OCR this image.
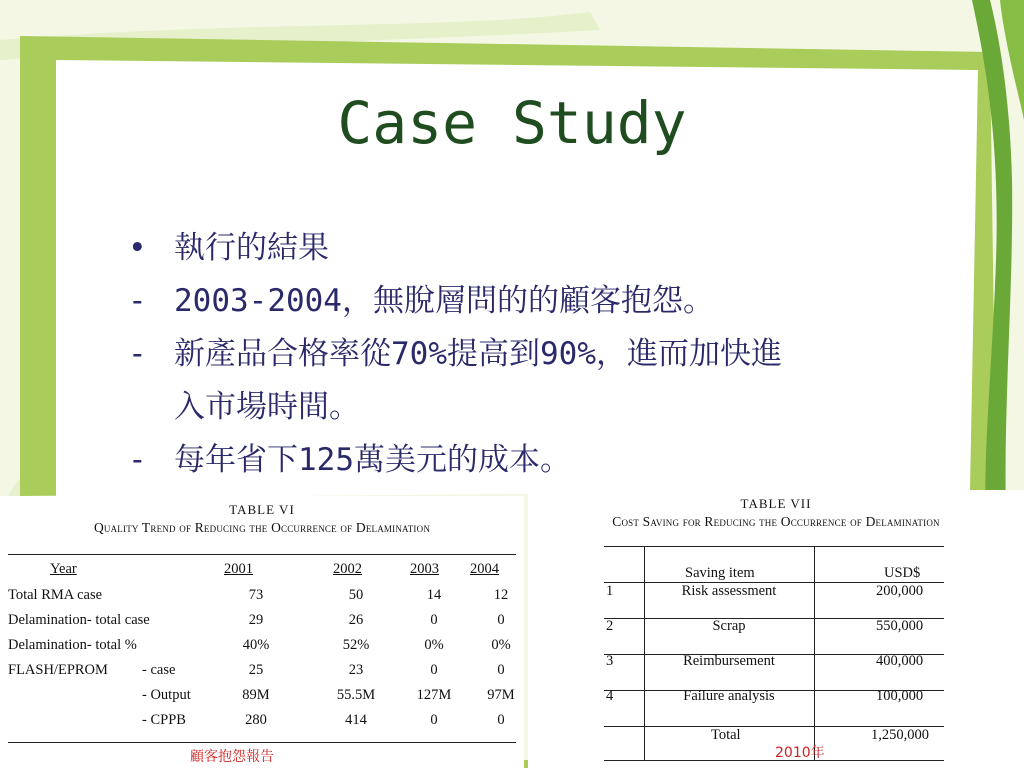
Case Study
• 執行的結果
- 2003-2004，無脫層問的的顧客抱怨。
- 新產品合格率從70%提高到90%，進而加快進
入市場時間。
- 每年省下125萬美元的成本。
TABLE VI
Quality Trend of Reducing the Occurrence of Delamination
Year	2001	2002	2003 2004
Total RMA case	73	50	14	12
Delamination- total case	29	26	0	0
Delamination- total %	40%	52%	0%	0%
FLASH/EPROM - case	25	23	0	0
- Output	89M	55.5M	127M	97M
- CPPB	280	414	0	0
TABLE VII
Cost Saving for Reducing the Occurrence of Delamination
Saving item	USD$
1	Risk assessment	200,000
2	Scrap	550,000
3	Reimbursement	400,000
4	Failure analysis	100,000
Total	1,250,000
顧客抱怨報告	2010年
